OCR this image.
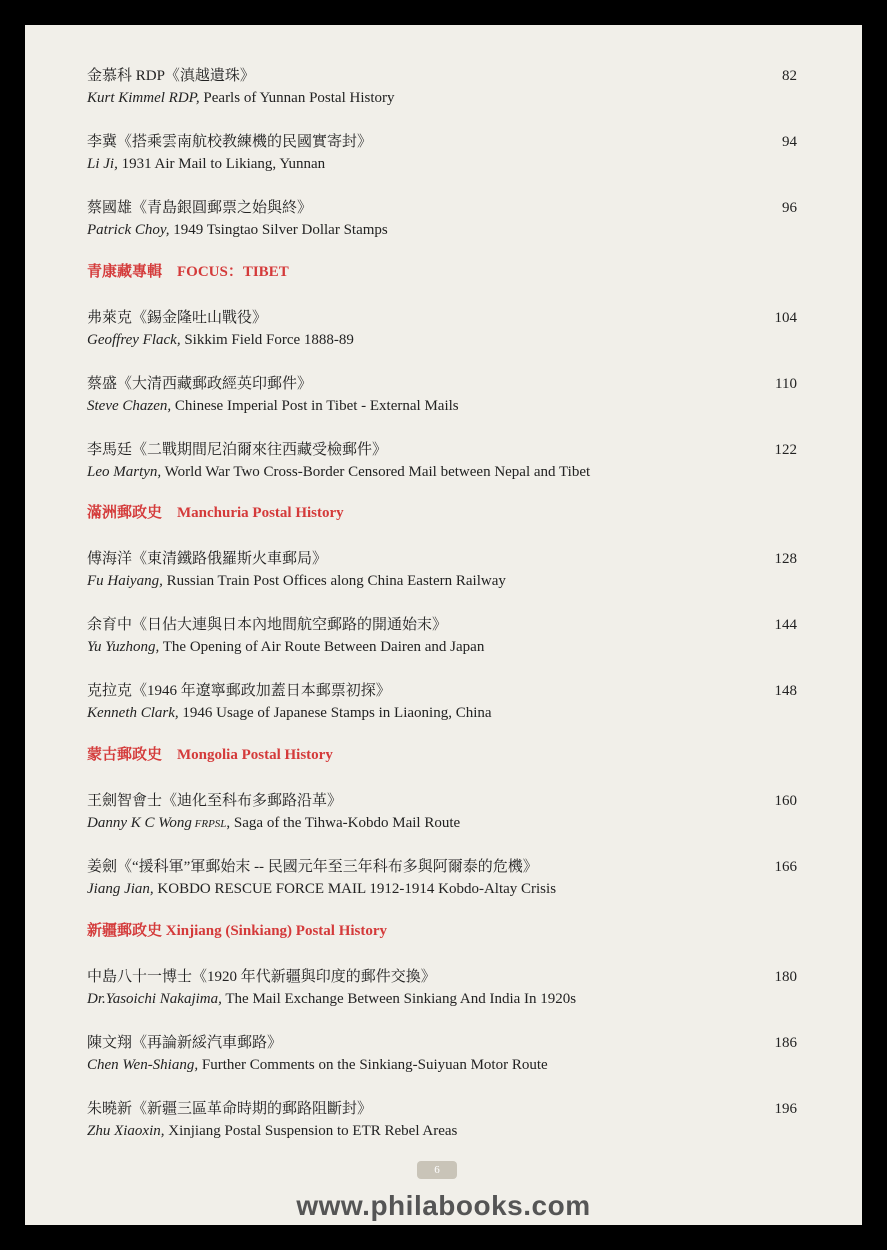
金慕科 RDP《滇越遺珠》
Kurt Kimmel RDP, Pearls of Yunnan Postal History
82
李冀《搭乘雲南航校教練機的民國實寄封》
Li Ji, 1931 Air Mail to Likiang, Yunnan
94
蔡國雄《青島銀圓郵票之始與終》
Patrick Choy, 1949 Tsingtao Silver Dollar Stamps
96
青康藏專輯　FOCUS：TIBET
弗萊克《錫金隆吐山戰役》
Geoffrey Flack, Sikkim Field Force 1888-89
104
蔡盛《大清西藏郵政經英印郵件》
Steve Chazen, Chinese Imperial Post in Tibet - External Mails
110
李馬廷《二戰期間尼泊爾來往西藏受檢郵件》
Leo Martyn, World War Two Cross-Border Censored Mail between Nepal and Tibet
122
滿洲郵政史　Manchuria Postal History
傅海洋《東清鐵路俄羅斯火車郵局》
Fu Haiyang, Russian Train Post Offices along China Eastern Railway
128
余育中《日佔大連與日本內地間航空郵路的開通始末》
Yu Yuzhong, The Opening of Air Route Between Dairen and Japan
144
克拉克《1946 年遼寧郵政加蓋日本郵票初探》
Kenneth Clark, 1946 Usage of Japanese Stamps in Liaoning, China
148
蒙古郵政史　Mongolia Postal History
王劍智會士《迪化至科布多郵路沿革》
Danny K C Wong FRPSL, Saga of the Tihwa-Kobdo Mail Route
160
姜劍《“援科軍”軍郵始末 -- 民國元年至三年科布多與阿爾泰的危機》
Jiang Jian, KOBDO RESCUE FORCE MAIL 1912-1914 Kobdo-Altay Crisis
166
新疆郵政史 Xinjiang (Sinkiang) Postal History
中島八十一博士《1920 年代新疆與印度的郵件交換》
Dr.Yasoichi Nakajima, The Mail Exchange Between Sinkiang And India In 1920s
180
陳文翔《再論新綏汽車郵路》
Chen Wen-Shiang, Further Comments on the Sinkiang-Suiyuan Motor Route
186
朱曉新《新疆三區革命時期的郵路阻斷封》
Zhu Xiaoxin, Xinjiang Postal Suspension to ETR Rebel Areas
196
6
www.philabooks.com
